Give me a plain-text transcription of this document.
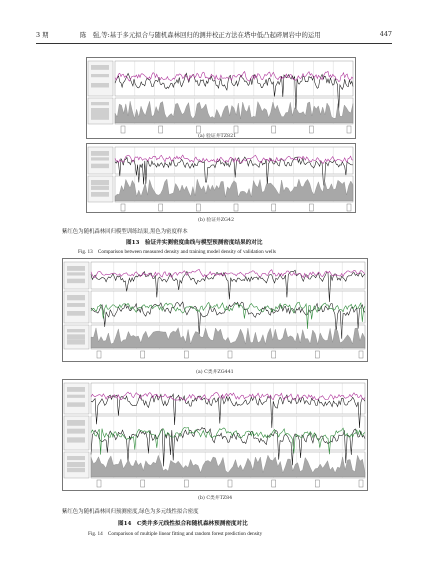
3 期	陈　强,等:基于多元拟合与随机森林回归的测井校正方法在塔中低凸起碎屑岩中的运用	447
(a) 验证井TZ821
(b) 验证井ZG42
紫红色为随机森林回归模型训练结果,黑色为密度样本
图13　验证井实测密度曲线与模型预测密度结果的对比
Fig. 13　Comparison between measured density and training model density of validation wells
(a) C类井ZG441
(b) C类井TZ84
紫红色为随机森林回归预测密度,绿色为多元线性拟合密度
图14　C类井多元线性拟合和随机森林预测密度对比
Fig. 14　Comparison of multiple linear fitting and random forest prediction density
